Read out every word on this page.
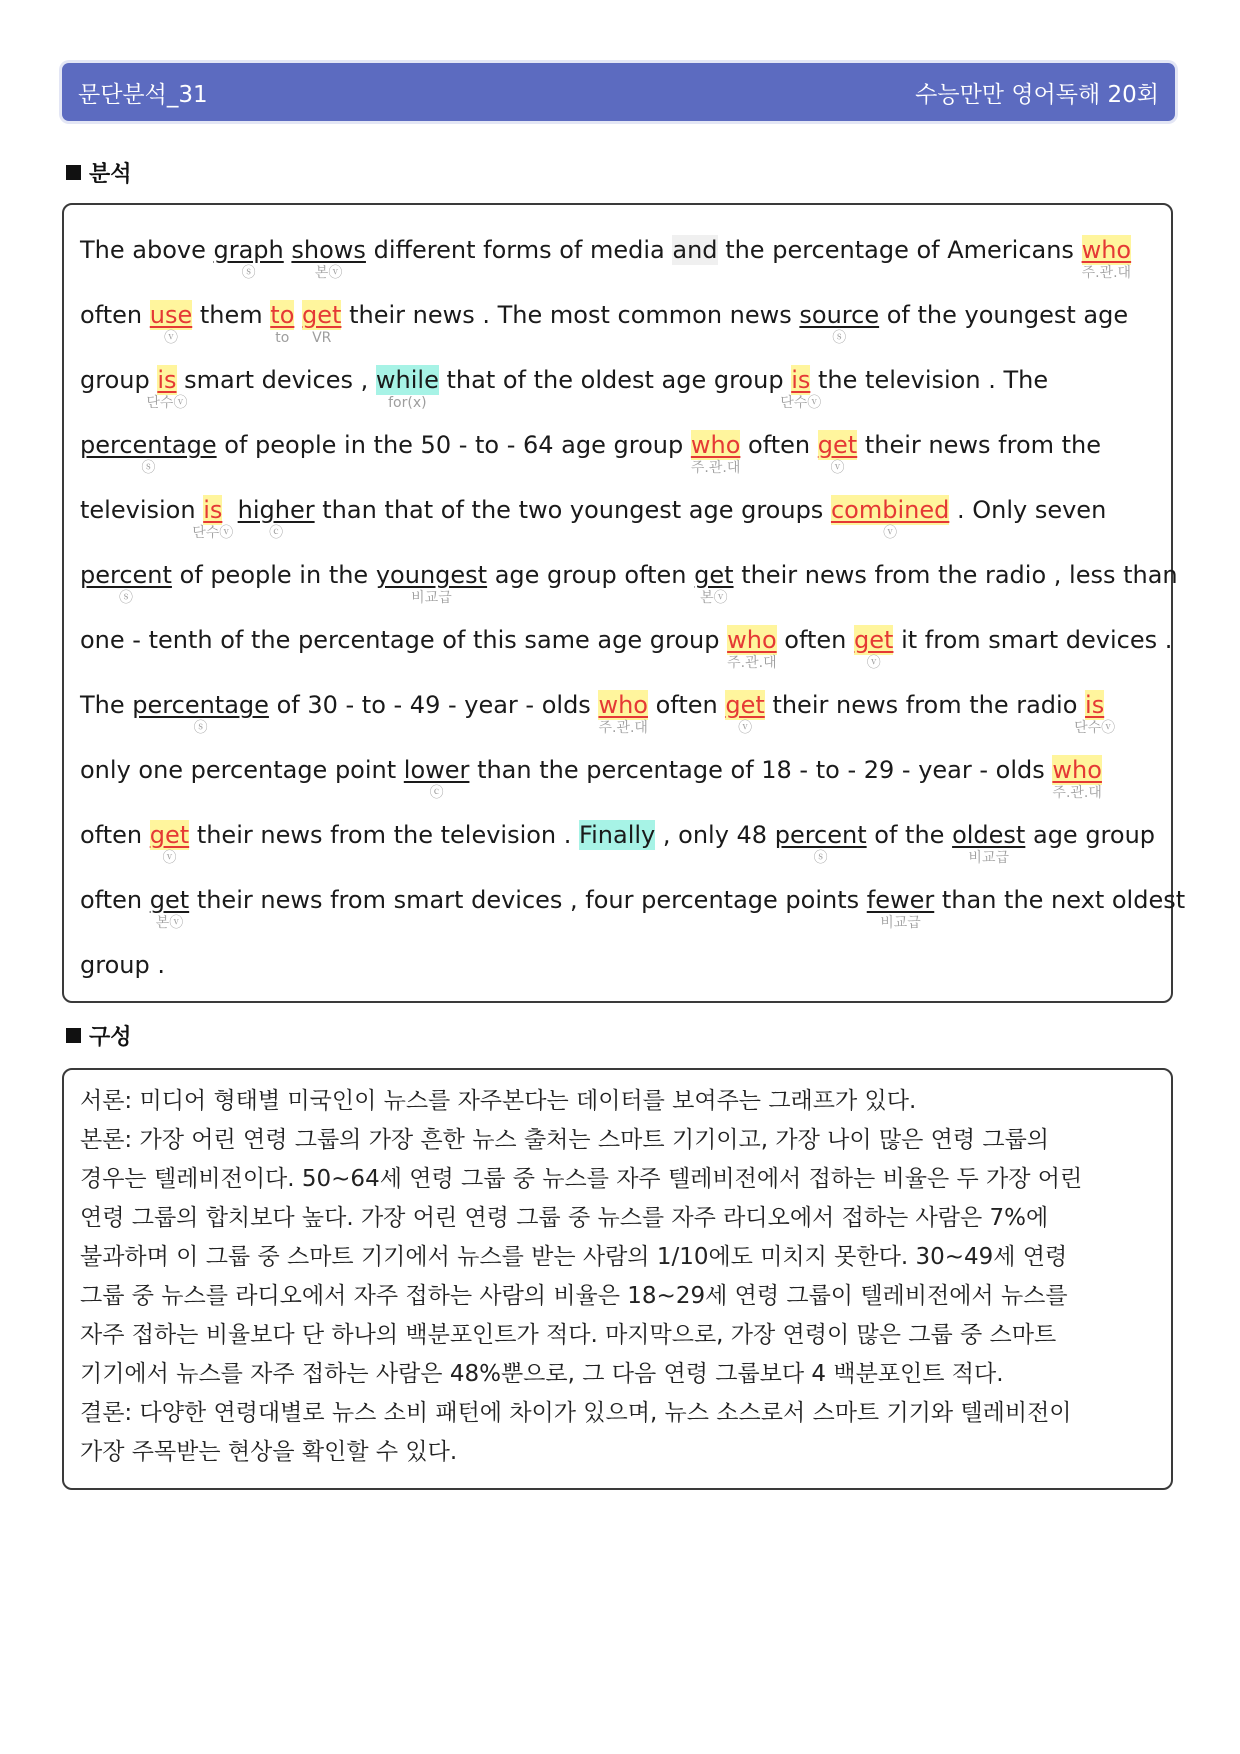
문단분석_31	수능만만 영어독해 20회
분석
The above graph
ⓢ
shows
본ⓥ
different forms of media and the percentage of Americans who
주.관.대
often use
ⓥ
them to
to
get
VR
their news . The most common news source
ⓢ
of the youngest age
group is
단수ⓥ
smart devices , while
for(x)
that of the oldest age group is
단수ⓥ
the television . The
percentage
ⓢ
of people in the 50 - to - 64 age group who
주.관.대
often get
ⓥ
their news from the
television is
단수ⓥ
higher
ⓒ
than that of the two youngest age groups combined
ⓥ
. Only seven
percent
ⓢ
of people in the youngest
비교급
age group often get
본ⓥ
their news from the radio , less than
one - tenth of the percentage of this same age group who
주.관.대
often get
ⓥ
it from smart devices .
The percentage
ⓢ
of 30 - to - 49 - year - olds who
주.관.대
often get
ⓥ
their news from the radio is
단수ⓥ
only one percentage point lower
ⓒ
than the percentage of 18 - to - 29 - year - olds who
주.관.대
often get
ⓥ
their news from the television . Finally , only 48 percent
ⓢ
of the oldest
비교급
age group
often get
본ⓥ
their news from smart devices , four percentage points fewer
비교급
than the next oldest
group .
구성
서론: 미디어 형태별 미국인이 뉴스를 자주본다는 데이터를 보여주는 그래프가 있다.
본론: 가장 어린 연령 그룹의 가장 흔한 뉴스 출처는 스마트 기기이고, 가장 나이 많은 연령 그룹의
경우는 텔레비전이다. 50~64세 연령 그룹 중 뉴스를 자주 텔레비전에서 접하는 비율은 두 가장 어린
연령 그룹의 합치보다 높다. 가장 어린 연령 그룹 중 뉴스를 자주 라디오에서 접하는 사람은 7%에
불과하며 이 그룹 중 스마트 기기에서 뉴스를 받는 사람의 1/10에도 미치지 못한다. 30~49세 연령
그룹 중 뉴스를 라디오에서 자주 접하는 사람의 비율은 18~29세 연령 그룹이 텔레비전에서 뉴스를
자주 접하는 비율보다 단 하나의 백분포인트가 적다. 마지막으로, 가장 연령이 많은 그룹 중 스마트
기기에서 뉴스를 자주 접하는 사람은 48%뿐으로, 그 다음 연령 그룹보다 4 백분포인트 적다.
결론: 다양한 연령대별로 뉴스 소비 패턴에 차이가 있으며, 뉴스 소스로서 스마트 기기와 텔레비전이
가장 주목받는 현상을 확인할 수 있다.
